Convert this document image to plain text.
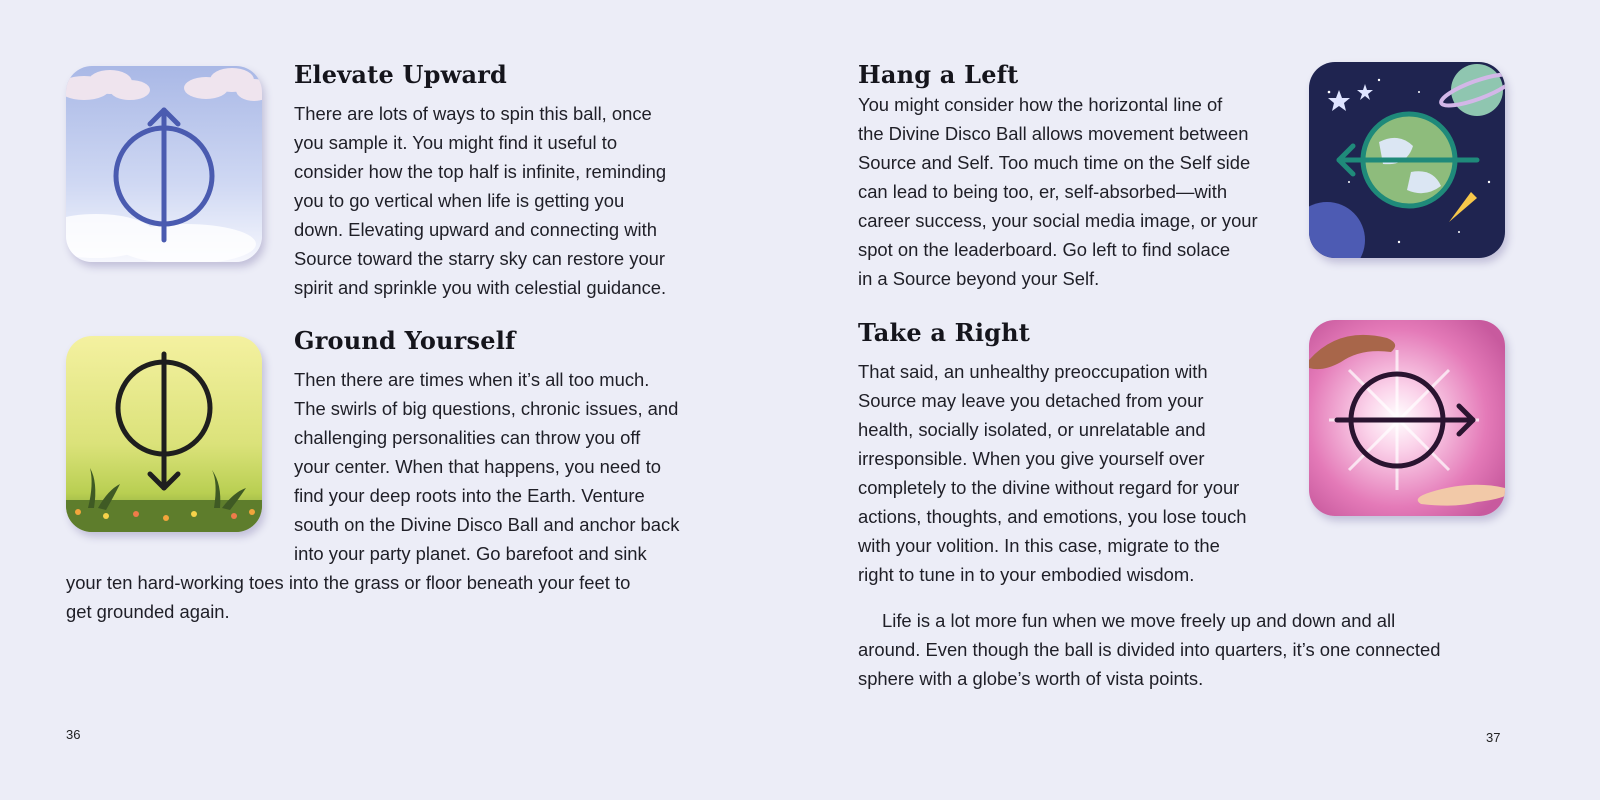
Elevate Upward

There are lots of ways to spin this ball, once

you sample it. You might find it useful to

consider how the top half is infinite, reminding

you to go vertical when life is getting you

down. Elevating upward and connecting with

Source toward the starry sky can restore your

spirit and sprinkle you with celestial guidance.

Ground Yourself

Then there are times when it’s all too much.

The swirls of big questions, chronic issues, and

challenging personalities can throw you off

your center. When that happens, you need to

find your deep roots into the Earth. Venture

south on the Divine Disco Ball and anchor back

into your party planet. Go barefoot and sink

your ten hard-working toes into the grass or floor beneath your feet to

get grounded again.

36
Hang a Left

You might consider how the horizontal line of

the Divine Disco Ball allows movement between

Source and Self. Too much time on the Self side

can lead to being too, er, self-absorbed—with

career success, your social media image, or your

spot on the leaderboard. Go left to find solace

in a Source beyond your Self.

Take a Right

That said, an unhealthy preoccupation with

Source may leave you detached from your

health, socially isolated, or unrelatable and

irresponsible. When you give yourself over

completely to the divine without regard for your

actions, thoughts, and emotions, you lose touch

with your volition. In this case, migrate to the

right to tune in to your embodied wisdom.

Life is a lot more fun when we move freely up and down and all

around. Even though the ball is divided into quarters, it’s one connected

sphere with a globe’s worth of vista points.

37
